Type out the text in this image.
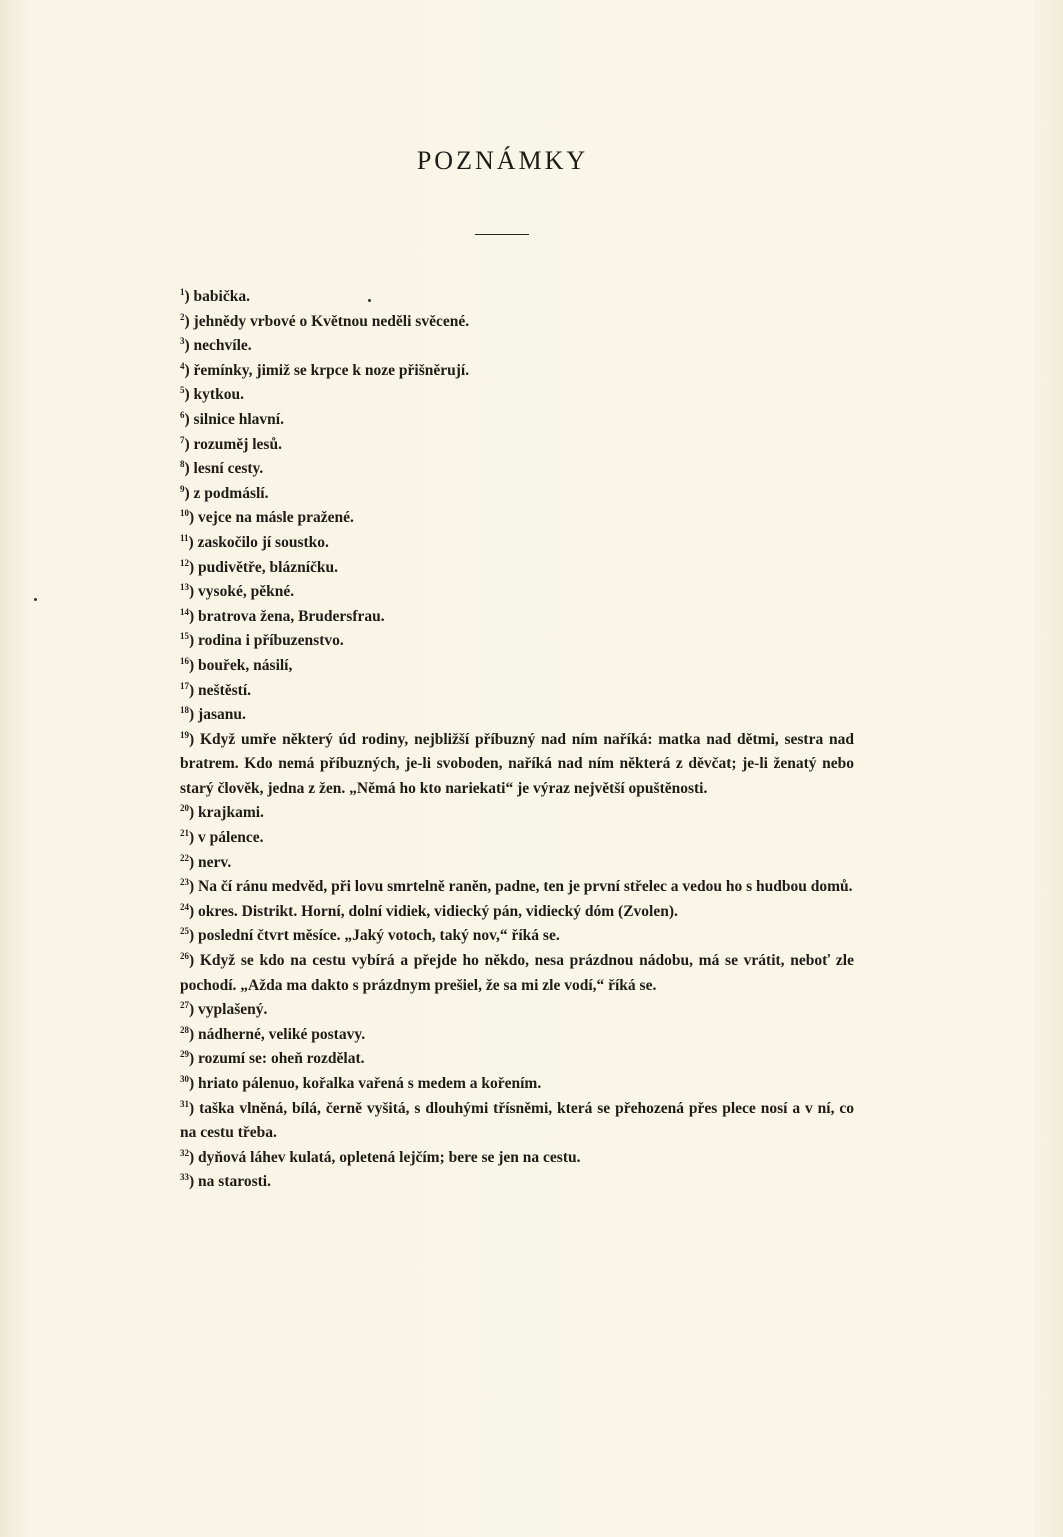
POZNÁMKY

$^1$) babička.

$^2$) jehnědy vrbové o Květnou neděli svěcené.

$^3$) nechvíle.

$^4$) řemínky, jimiž se krpce k noze přišněrují.

$^5$) kytkou.

$^6$) silnice hlavní.

$^7$) rozuměj lesů.

$^8$) lesní cesty.

$^9$) z podmáslí.

$^{10}$) vejce na másle pražené.

$^{11}$) zaskočilo jí soustko.

$^{12}$) pudivětře, blázníčku.

$^{13}$) vysoké, pěkné.

$^{14}$) bratrova žena, Brudersfrau.

$^{15}$) rodina i příbuzenstvo.

$^{16}$) bouřek, násilí,

$^{17}$) neštěstí.

$^{18}$) jasanu.

$^{19}$) Když umře některý úd rodiny, nejbližší příbuzný nad ním naříká: matka nad dětmi, sestra nad bratrem. Kdo nemá příbuzných, je-li svoboden, naříká nad ním některá z děvčat; je-li ženatý nebo starý člověk, jedna z žen. „Němá ho kto nariekati“ je výraz největší opuštěnosti.

$^{20}$) krajkami.

$^{21}$) v pálence.

$^{22}$) nerv.

$^{23}$) Na čí ránu medvěd, při lovu smrtelně raněn, padne, ten je první střelec a vedou ho s hudbou domů.

$^{24}$) okres. Distrikt. Horní, dolní vidiek, vidiecký pán, vidiecký dóm (Zvolen).

$^{25}$) poslední čtvrt měsíce. „Jaký votoch, taký nov,“ říká se.

$^{26}$) Když se kdo na cestu vybírá a přejde ho někdo, nesa prázdnou nádobu, má se vrátit, neboť zle pochodí. „Ažda ma dakto s prázdnym prešiel, že sa mi zle vodí,“ říká se.

$^{27}$) vyplašený.

$^{28}$) nádherné, veliké postavy.

$^{29}$) rozumí se: oheň rozdělat.

$^{30}$) hriato pálenuo, kořalka vařená s medem a kořením.

$^{31}$) taška vlněná, bílá, černě vyšitá, s dlouhými třísněmi, která se přehozená přes plece nosí a v ní, co na cestu třeba.

$^{32}$) dyňová láhev kulatá, opletená lejčím; bere se jen na cestu.

$^{33}$) na starosti.
